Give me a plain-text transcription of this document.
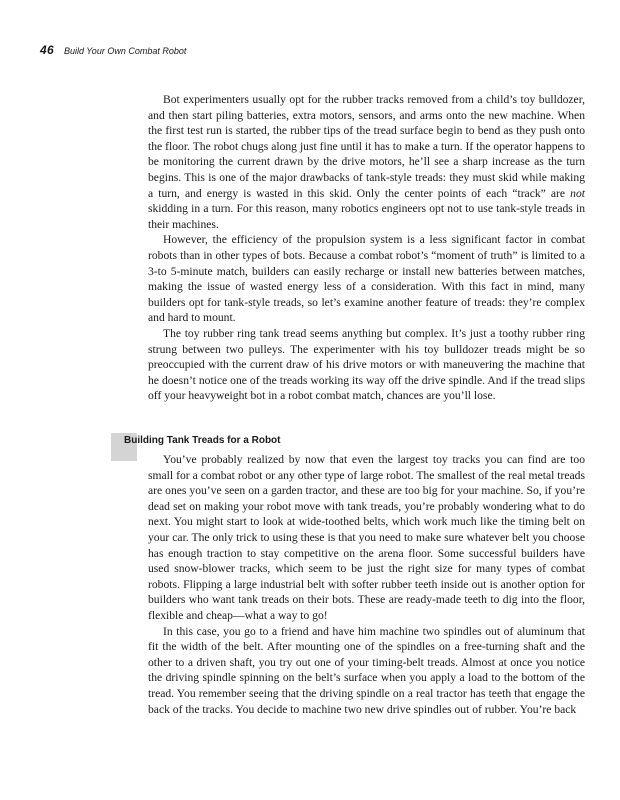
46 Build Your Own Combat Robot

Bot experimenters usually opt for the rubber tracks removed from a child’s toy bulldozer, and then start piling batteries, extra motors, sensors, and arms onto the new machine. When the first test run is started, the rubber tips of the tread surface begin to bend as they push onto the floor. The robot chugs along just fine until it has to make a turn. If the operator happens to be monitoring the current drawn by the drive motors, he’ll see a sharp increase as the turn begins. This is one of the major drawbacks of tank-style treads: they must skid while making a turn, and energy is wasted in this skid. Only the center points of each “track” are not skidding in a turn. For this reason, many robotics engineers opt not to use tank-style treads in their machines.

However, the efficiency of the propulsion system is a less significant factor in combat robots than in other types of bots. Because a combat robot’s “moment of truth” is limited to a 3-to 5-minute match, builders can easily recharge or install new batteries between matches, making the issue of wasted energy less of a consideration. With this fact in mind, many builders opt for tank-style treads, so let’s examine another feature of treads: they’re complex and hard to mount.

The toy rubber ring tank tread seems anything but complex. It’s just a toothy rubber ring strung between two pulleys. The experimenter with his toy bulldozer treads might be so preoccupied with the current draw of his drive motors or with maneuvering the machine that he doesn’t notice one of the treads working its way off the drive spindle. And if the tread slips off your heavyweight bot in a robot combat match, chances are you’ll lose.

Building Tank Treads for a Robot

You’ve probably realized by now that even the largest toy tracks you can find are too small for a combat robot or any other type of large robot. The smallest of the real metal treads are ones you’ve seen on a garden tractor, and these are too big for your machine. So, if you’re dead set on making your robot move with tank treads, you’re probably wondering what to do next. You might start to look at wide-toothed belts, which work much like the timing belt on your car. The only trick to using these is that you need to make sure whatever belt you choose has enough traction to stay competitive on the arena floor. Some successful builders have used snow-blower tracks, which seem to be just the right size for many types of combat robots. Flipping a large industrial belt with softer rubber teeth inside out is another option for builders who want tank treads on their bots. These are ready-made teeth to dig into the floor, flexible and cheap—what a way to go!

In this case, you go to a friend and have him machine two spindles out of aluminum that fit the width of the belt. After mounting one of the spindles on a free-turning shaft and the other to a driven shaft, you try out one of your timing-belt treads. Almost at once you notice the driving spindle spinning on the belt’s surface when you apply a load to the bottom of the tread. You remember seeing that the driving spindle on a real tractor has teeth that engage the back of the tracks. You decide to machine two new drive spindles out of rubber. You’re back
